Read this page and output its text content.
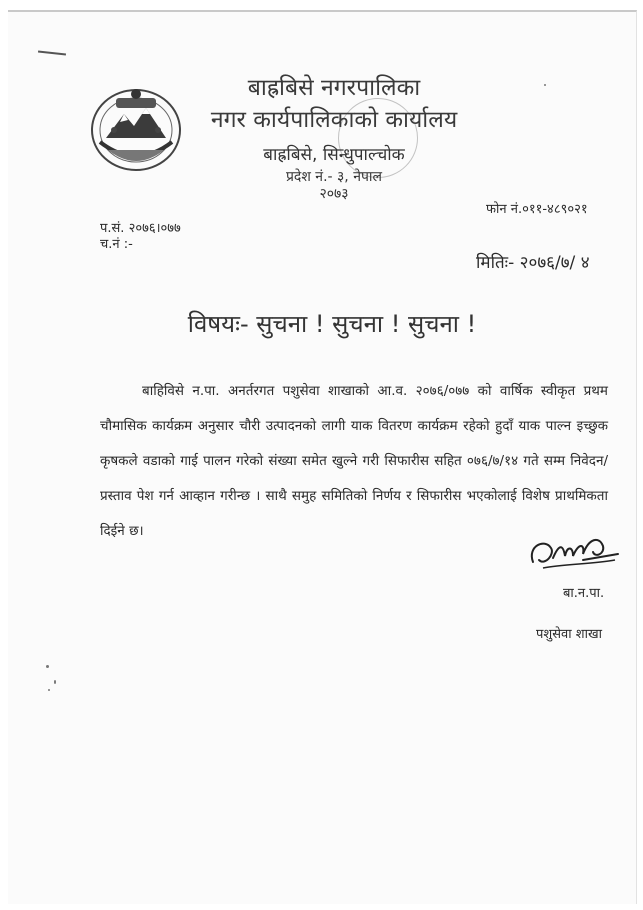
बाह्रबिसे नगरपालिका
नगर कार्यपालिकाको कार्यालय
बाह्रबिसे, सिन्धुपाल्चोक
प्रदेश नं.- ३, नेपाल
२०७३
फोन नं.०११-४८९०२१
प.सं. २०७६।०७७
च.नं :-
मितिः- २०७६/७/ ४
विषयः- सुचना ! सुचना ! सुचना !

बाहिविसे न.पा. अनर्तरगत पशुसेवा शाखाको आ.व. २०७६/०७७ को वार्षिक स्वीकृत प्रथम चौमासिक कार्यक्रम अनुसार चौरी उत्पादनको लागी याक वितरण कार्यक्रम रहेको हुदाँ याक पाल्न इच्छुक कृषकले वडाको गाई पालन गरेको संख्या समेत खुल्ने गरी सिफारीस सहित ०७६/७/१४ गते सम्म निवेदन/प्रस्ताव पेश गर्न आव्हान गरीन्छ । साथै समुह समितिको निर्णय र सिफारीस भएकोलाई विशेष प्राथमिकता दिईने छ।

बा.न.पा.
पशुसेवा शाखा
